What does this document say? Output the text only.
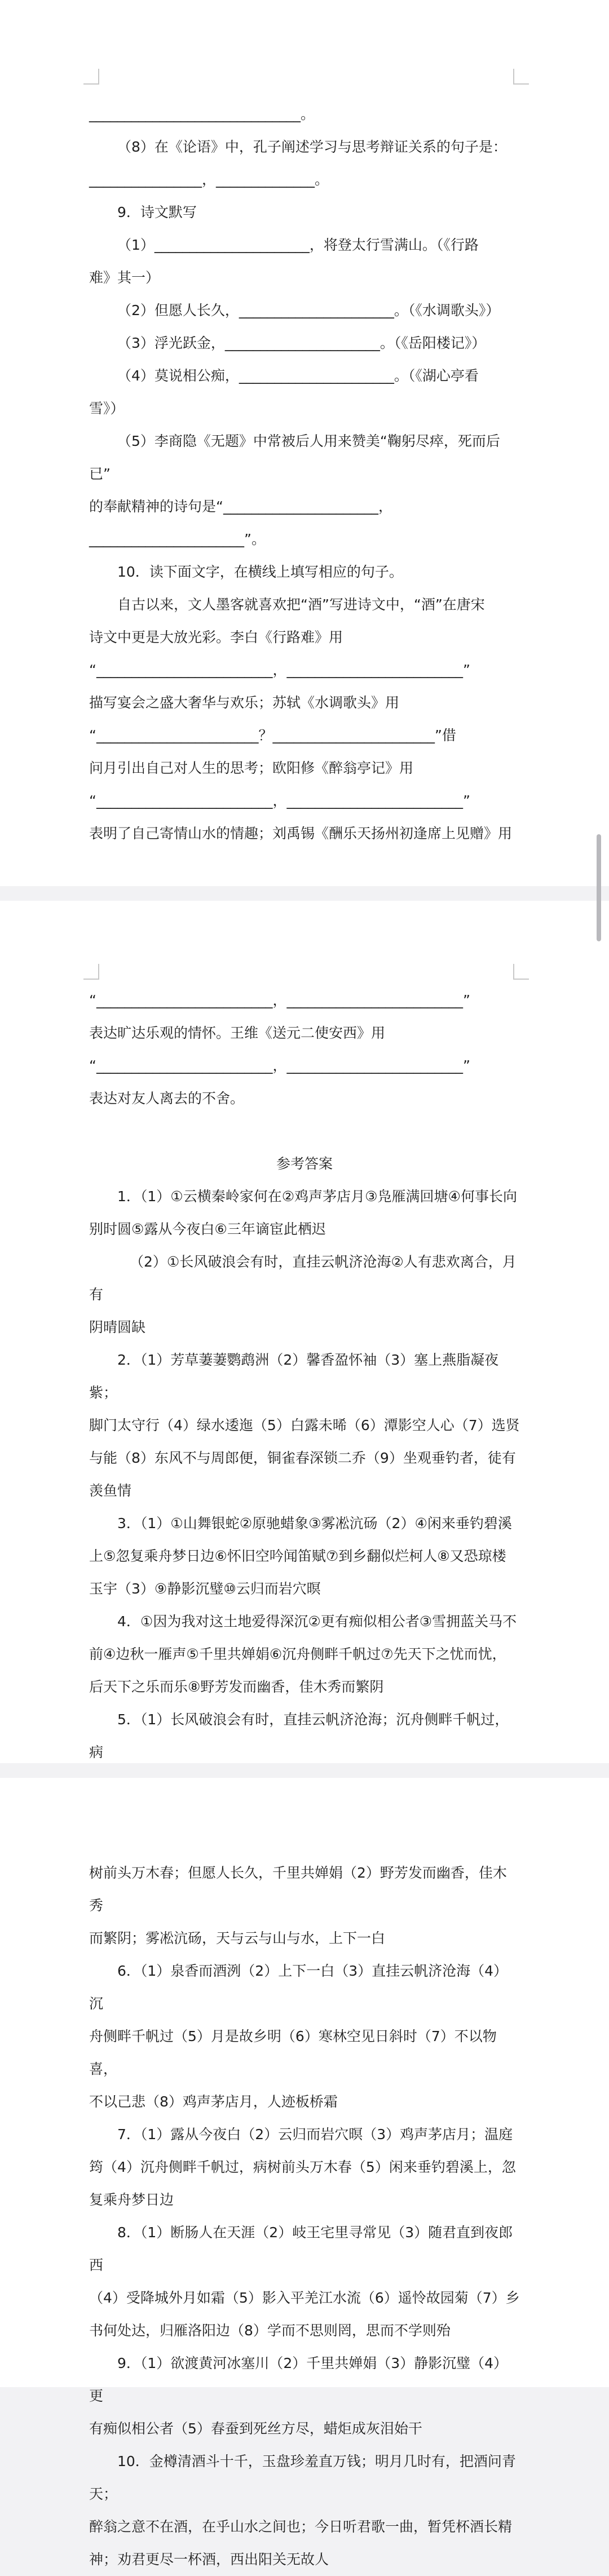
______________________________。

（8）在《论语》中，孔子阐述学习与思考辩证关系的句子是：

________________，______________。

9．诗文默写

（1）______________________，将登太行雪满山。（《行路

难》其一）

（2）但愿人长久，______________________。（《水调歌头》）

（3）浮光跃金，______________________。（《岳阳楼记》）

（4）莫说相公痴，______________________。（《湖心亭看

雪》）

（5）李商隐《无题》中常被后人用来赞美“鞠躬尽瘁，死而后已”

的奉献精神的诗句是“______________________，

______________________”。

10．读下面文字，在横线上填写相应的句子。

自古以来，文人墨客就喜欢把“酒”写进诗文中，“酒”在唐宋

诗文中更是大放光彩。李白《行路难》用

“_________________________，_________________________”

描写宴会之盛大奢华与欢乐；苏轼《水调歌头》用

“_______________________？_______________________”借

问月引出自己对人生的思考；欧阳修《醉翁亭记》用

“_________________________，_________________________”

表明了自己寄情山水的情趣；刘禹锡《酬乐天扬州初逢席上见赠》用

“_________________________，_________________________”

表达旷达乐观的情怀。王维《送元二使安西》用

“_________________________，_________________________”

表达对友人离去的不舍。

参考答案

1．（1）①云横秦岭家何在②鸡声茅店月③凫雁满回塘④何事长向

别时圆⑤露从今夜白⑥三年谪宦此栖迟

（2）①长风破浪会有时，直挂云帆济沧海②人有悲欢离合，月有

阴晴圆缺

2．（1）芳草萋萋鹦鹉洲（2）馨香盈怀袖（3）塞上燕脂凝夜紫；

脚门太守行（4）绿水逶迤（5）白露未晞（6）潭影空人心（7）选贤

与能（8）东风不与周郎便，铜雀春深锁二乔（9）坐观垂钓者，徒有

羡鱼情

3．（1）①山舞银蛇②原驰蜡象③雾凇沆砀（2）④闲来垂钓碧溪

上⑤忽复乘舟梦日边⑥怀旧空吟闻笛赋⑦到乡翻似烂柯人⑧又恐琼楼

玉宇（3）⑨静影沉璧⑩云归而岩穴暝

4．①因为我对这土地爱得深沉②更有痴似相公者③雪拥蓝关马不

前④边秋一雁声⑤千里共婵娟⑥沉舟侧畔千帆过⑦先天下之忧而忧，

后天下之乐而乐⑧野芳发而幽香，佳木秀而繁阴

5．（1）长风破浪会有时，直挂云帆济沧海；沉舟侧畔千帆过，病

树前头万木春；但愿人长久，千里共婵娟（2）野芳发而幽香，佳木秀

而繁阴；雾凇沆砀，天与云与山与水，上下一白

6．（1）泉香而酒洌（2）上下一白（3）直挂云帆济沧海（4）沉

舟侧畔千帆过（5）月是故乡明（6）寒林空见日斜时（7）不以物喜，

不以己悲（8）鸡声茅店月，人迹板桥霜

7．（1）露从今夜白（2）云归而岩穴暝（3）鸡声茅店月；温庭

筠（4）沉舟侧畔千帆过，病树前头万木春（5）闲来垂钓碧溪上，忽

复乘舟梦日边

8．（1）断肠人在天涯（2）岐王宅里寻常见（3）随君直到夜郎西

（4）受降城外月如霜（5）影入平羌江水流（6）遥怜故园菊（7）乡

书何处达，归雁洛阳边（8）学而不思则罔，思而不学则殆

9．（1）欲渡黄河冰塞川（2）千里共婵娟（3）静影沉璧（4）更

有痴似相公者（5）春蚕到死丝方尽，蜡炬成灰泪始干

10．金樽清酒斗十千，玉盘珍羞直万钱；明月几时有，把酒问青天；

醉翁之意不在酒，在乎山水之间也；今日听君歌一曲，暂凭杯酒长精

神；劝君更尽一杯酒，西出阳关无故人
